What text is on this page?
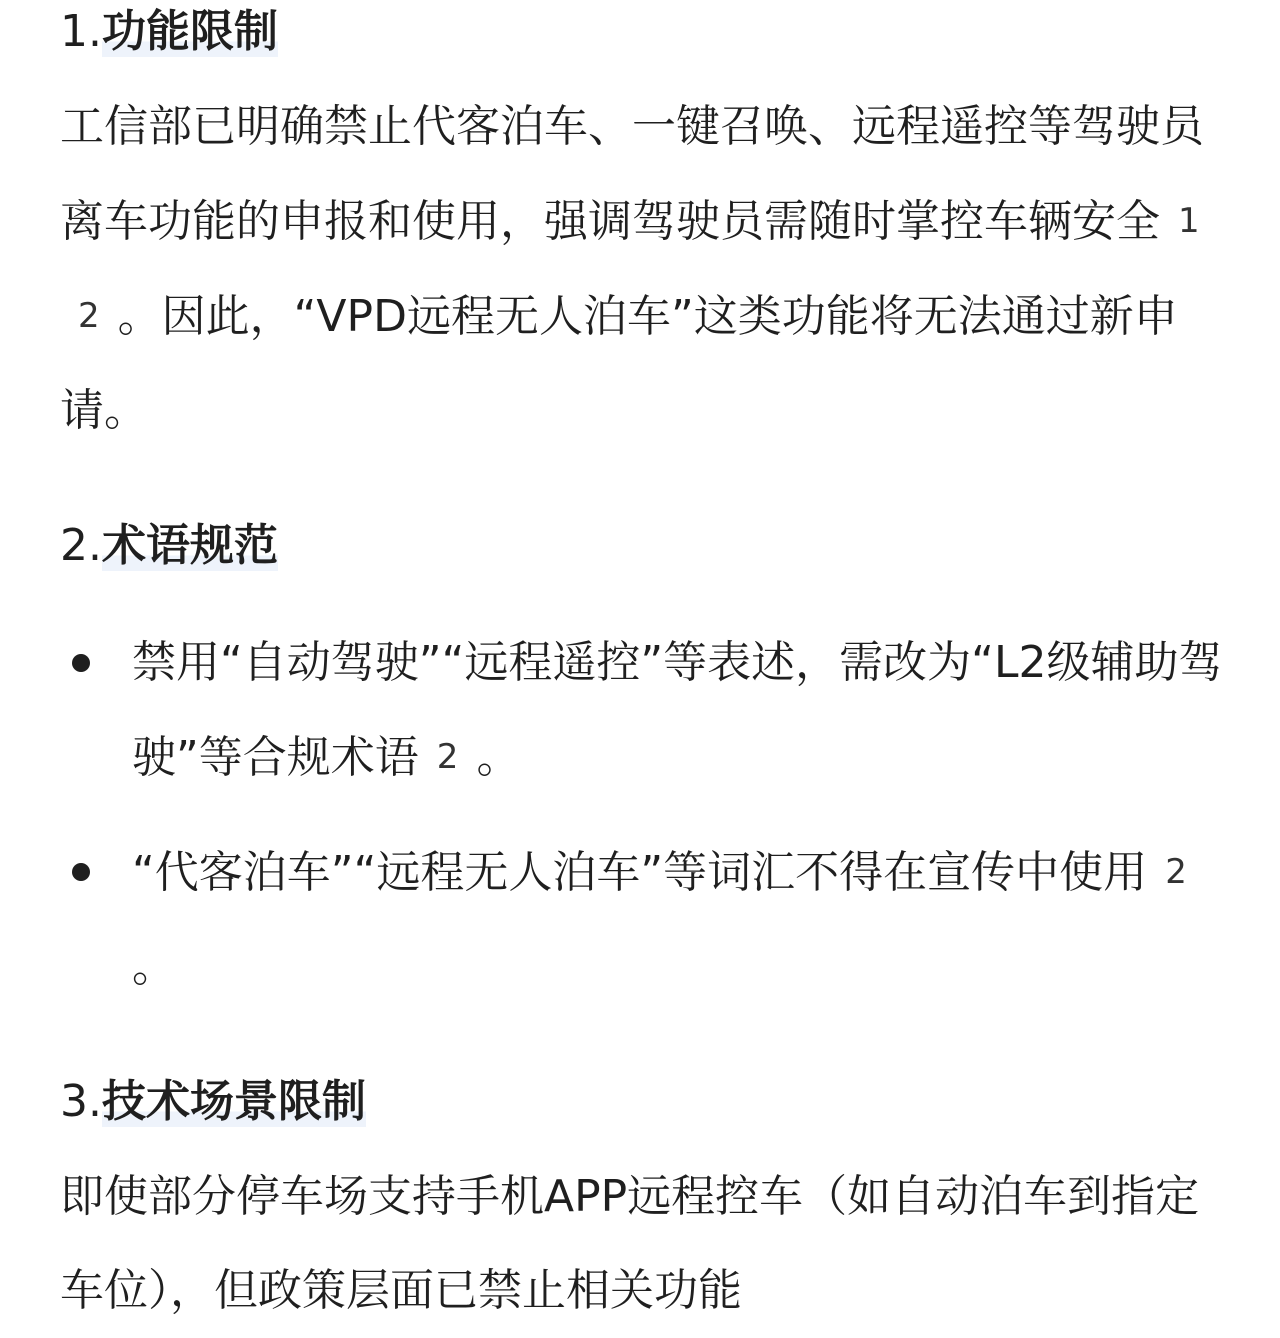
1.功能限制
工信部已明确禁止代客泊车、一键召唤、远程遥控等驾驶员离车功能的申报和使用，强调驾驶员需随时掌控车辆安全 12 。因此，“VPD远程无人泊车”这类功能将无法通过新申请。
2.术语规范
禁用“自动驾驶”“远程遥控”等表述，需改为“L2级辅助驾驶”等合规术语 2 。
“代客泊车”“远程无人泊车”等词汇不得在宣传中使用 2。
3.技术场景限制
即使部分停车场支持手机APP远程控车（如自动泊车到指定车位），但政策层面已禁止相关功能
